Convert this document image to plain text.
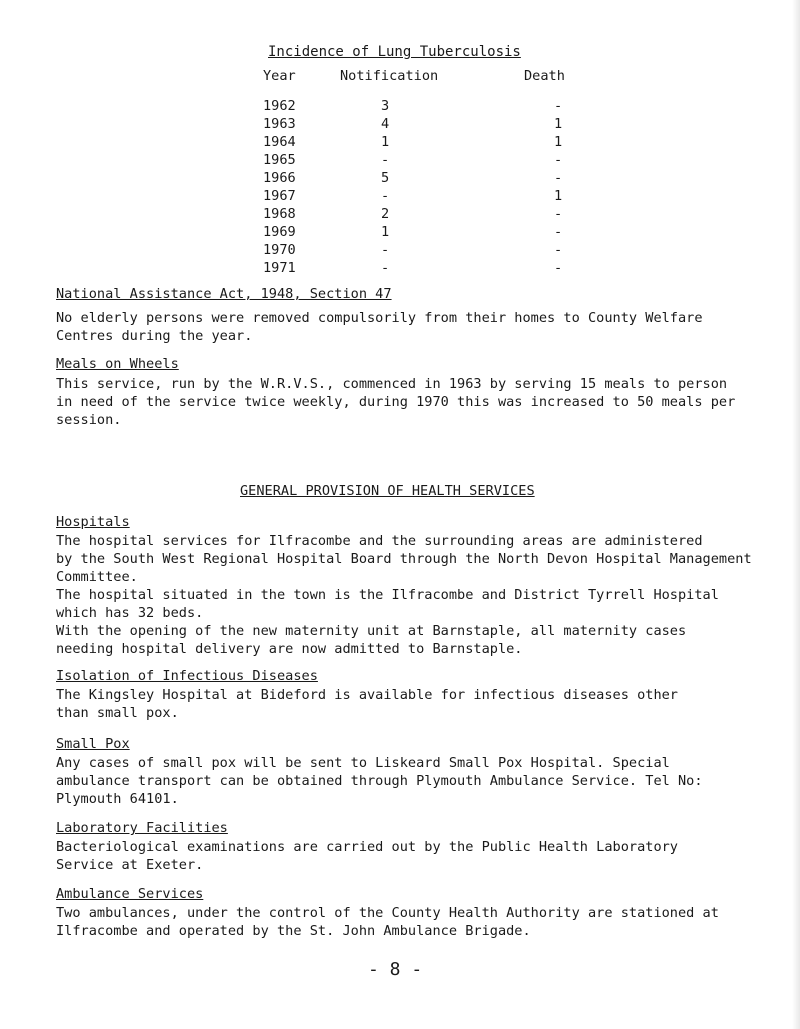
Incidence of Lung Tuberculosis
Year	Notification	Death
1962	3	-
1963	4	1
1964	1	1
1965	-	-
1966	5	-
1967	-	1
1968	2	-
1969	1	-
1970	-	-
1971	-	-
National Assistance Act, 1948, Section 47
No elderly persons were removed compulsorily from their homes to County Welfare
Centres during the year.
Meals on Wheels
This service, run by the W.R.V.S., commenced in 1963 by serving 15 meals to person
in need of the service twice weekly, during 1970 this was increased to 50 meals per
session.
GENERAL PROVISION OF HEALTH SERVICES
Hospitals
The hospital services for Ilfracombe and the surrounding areas are administered
by the South West Regional Hospital Board through the North Devon Hospital Management
Committee.
The hospital situated in the town is the Ilfracombe and District Tyrrell Hospital
which has 32 beds.
With the opening of the new maternity unit at Barnstaple, all maternity cases
needing hospital delivery are now admitted to Barnstaple.
Isolation of Infectious Diseases
The Kingsley Hospital at Bideford is available for infectious diseases other
than small pox.
Small Pox
Any cases of small pox will be sent to Liskeard Small Pox Hospital. Special
ambulance transport can be obtained through Plymouth Ambulance Service. Tel No:
Plymouth 64101.
Laboratory Facilities
Bacteriological examinations are carried out by the Public Health Laboratory
Service at Exeter.
Ambulance Services
Two ambulances, under the control of the County Health Authority are stationed at
Ilfracombe and operated by the St. John Ambulance Brigade.
- 8 -
